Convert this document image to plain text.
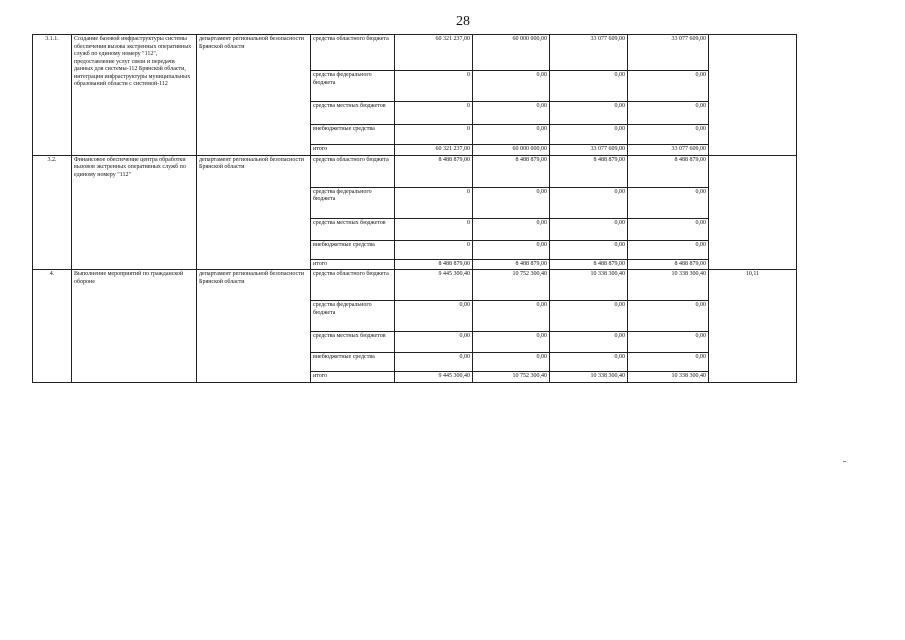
28
3.1.1.	Создание базовой инфраструктуры системы обеспечения вызова экстренных оперативных служб по единому номеру "112", предоставление услуг связи и передачи данных для системы-112 Брянской области, интеграция инфраструктуры муниципальных образований области с системой-112	департамент региональной безопасности Брянской области	средства областного бюджета	60 321 237,00	60 000 000,00	33 077 609,00	33 077 609,00	
			средства федерального бюджета	0	0,00	0,00	0,00	
			средства местных бюджетов	0	0,00	0,00	0,00	
			внебюджетные средства	0	0,00	0,00	0,00	
			итого	60 321 237,00	60 000 000,00	33 077 609,00	33 077 609,00	
3.2.	Финансовое обеспечение центра обработки вызовов экстренных оперативных служб по единому номеру "112"	департамент региональной безопасности Брянской области	средства областного бюджета	8 488 879,00	8 488 879,00	8 488 879,00	8 488 879,00	
			средства федерального бюджета	0	0,00	0,00	0,00	
			средства местных бюджетов	0	0,00	0,00	0,00	
			внебюджетные средства	0	0,00	0,00	0,00	
			итого	8 488 879,00	8 488 879,00	8 488 879,00	8 488 879,00	
4.	Выполнение мероприятий по гражданской обороне	департамент региональной безопасности Брянской области	средства областного бюджета	9 445 300,40	10 752 300,40	10 338 300,40	10 338 300,40	10,11
			средства федерального бюджета	0,00	0,00	0,00	0,00	
			средства местных бюджетов	0,00	0,00	0,00	0,00	
			внебюджетные средства	0,00	0,00	0,00	0,00	
			итого	9 445 300,40	10 752 300,40	10 338 300,40	10 338 300,40	
